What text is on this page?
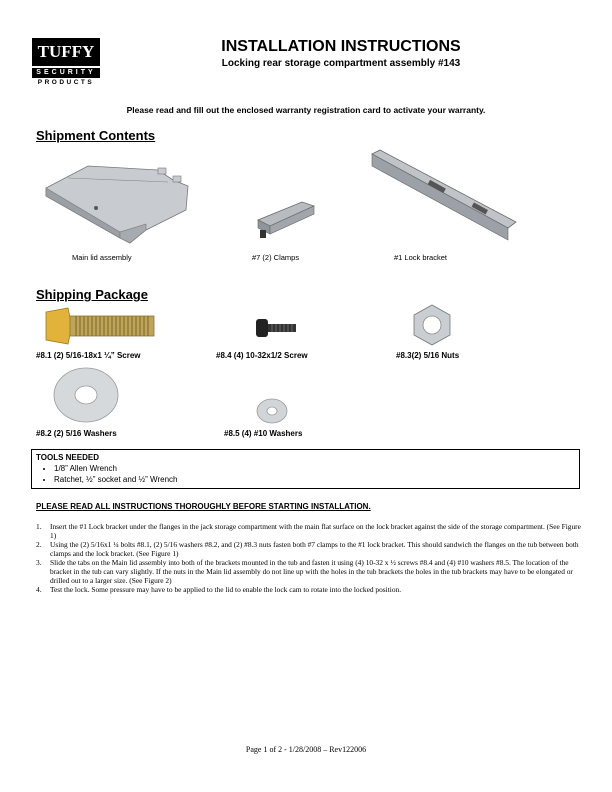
TUFFY
SECURITY
PRODUCTS
INSTALLATION INSTRUCTIONS
Locking rear storage compartment assembly #143
Please read and fill out the enclosed warranty registration card to activate your warranty.
Shipment Contents
Main lid assembly	#7 (2) Clamps	#1 Lock bracket
Shipping Package
#8.1 (2) 5/16-18x1 ¼” Screw	#8.4 (4) 10-32x1/2 Screw	#8.3(2) 5/16 Nuts
#8.2 (2) 5/16 Washers	#8.5 (4) #10 Washers
TOOLS NEEDED
• 1/8” Allen Wrench
• Ratchet, ½” socket and ½” Wrench
PLEASE READ ALL INSTRUCTIONS THOROUGHLY BEFORE STARTING INSTALLATION.
1.	Insert the #1 Lock bracket under the flanges in the jack storage compartment with the main flat surface on the lock bracket against the side of the storage compartment. (See Figure 1)
2.	Using the (2) 5/16x1 ¼ bolts #8.1, (2) 5/16 washers #8.2, and (2) #8.3 nuts fasten both #7 clamps to the #1 lock bracket. This should sandwich the flanges on the tub between both clamps and the lock bracket. (See Figure 1)
3.	Slide the tabs on the Main lid assembly into both of the brackets mounted in the tub and fasten it using (4) 10-32 x ½ screws #8.4 and (4) #10 washers #8.5. The location of the bracket in the tub can vary slightly. If the nuts in the Main lid assembly do not line up with the holes in the tub brackets the holes in the tub brackets may have to be elongated or drilled out to a larger size. (See Figure 2)
4.	Test the lock. Some pressure may have to be applied to the lid to enable the lock cam to rotate into the locked position.
Page 1 of 2 - 1/28/2008 – Rev122006
